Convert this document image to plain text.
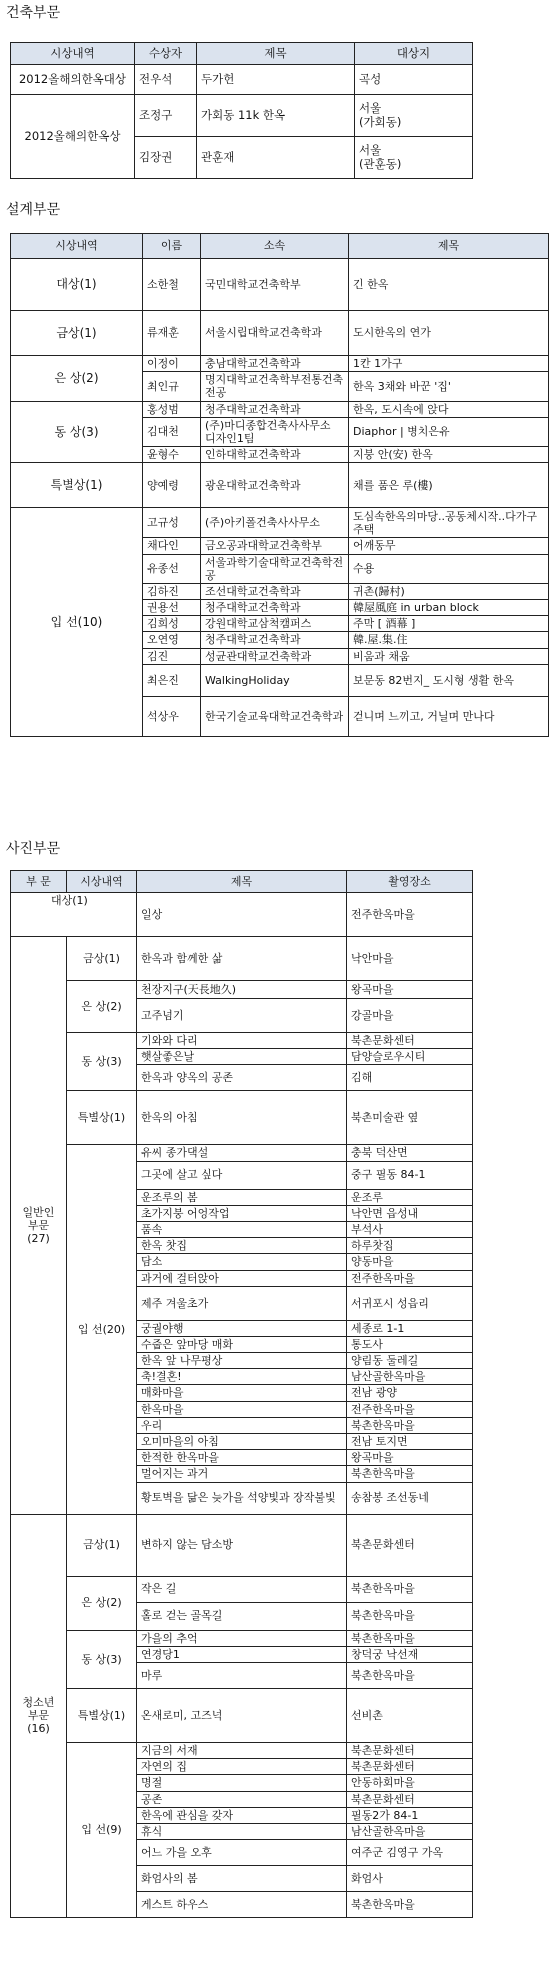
건축부문
시상내역	수상자	제목	대상지
2012올해의한옥대상	전우석	두가헌	곡성
2012올해의한옥상	조정구	가회동 11k 한옥	서울
(가회동)
	김장권	관훈재	서울
(관훈동)
설계부문
시상내역	이름	소속	제목
대상(1)	소한철	국민대학교건축학부	긴 한옥
금상(1)	류재훈	서울시립대학교건축학과	도시한옥의 연가
은 상(2)	이정이	충남대학교건축학과	1칸 1가구
	최인규	명지대학교건축학부전통건축전공	한옥 3채와 바꾼 '집'
동 상(3)	홍성범	청주대학교건축학과	한옥, 도시속에 앉다
	김대천	(주)마디종합건축사사무소 디자인1팀	Diaphor | 병치은유
	윤형수	인하대학교건축학과	지붕 안(安) 한옥
특별상(1)	양예령	광운대학교건축학과	채를 품은 루(樓)
입 선(10)	고규성	(주)아키폴건축사사무소	도심속한옥의마당..공동체시작..다가구주택
	채다인	금오공과대학교건축학부	어깨동무
	유종선	서울과학기술대학교건축학전공	수용
	김하진	조선대학교건축학과	귀촌(歸村)
	권용선	청주대학교건축학과	韓屋風庭 in urban block
	김희성	강원대학교삼척캠퍼스	주막 [ 酒幕 ]
	오연영	청주대학교건축학과	韓.屋.集.住
	김진	성균관대학교건축학과	비움과 채움
	최은진	WalkingHoliday	보문동 82번지_ 도시형 생활 한옥
	석상우	한국기술교육대학교건축학과	걷니며 느끼고, 거닐며 만나다
사진부문
부 문	시상내역	제목	촬영장소
대상(1)		일상	전주한옥마을
일반인
부문
(27)	금상(1)	한옥과 함께한 삶	낙안마을
	은 상(2)	천장지구(天長地久)	왕곡마을
		고주넘기	강골마을
	동 상(3)	기와와 다리	북촌문화센터
		햇살좋은날	담양슬로우시티
		한옥과 양옥의 공존	김해
	특별상(1)	한옥의 아침	북촌미술관 옆
	입 선(20)	유씨 종가댁설	충북 덕산면
		그곳에 살고 싶다	중구 필동 84-1
		운조루의 봄	운조루
		초가지붕 어엉작업	낙안면 읍성내
		품속	부석사
		한옥 찻집	하루찻집
		담소	양동마을
		과거에 걸터앉아	전주한옥마을
		제주 겨울초가	서귀포시 성읍리
		궁궐야행	세종로 1-1
		수줍은 앞마당 매화	통도사
		한옥 앞 나무평상	양림동 둘레길
		축!결혼!	남산골한옥마을
		매화마을	전남 광양
		한옥마을	전주한옥마을
		우리	북촌한옥마을
		오미마을의 아침	전남 토지면
		한적한 한옥마을	왕곡마을
		멀어지는 과거	북촌한옥마을
		황토벽을 닮은 늦가을 석양빛과 장작불빛	송참봉 조선동네
청소년
부문
(16)	금상(1)	변하지 않는 담소방	북촌문화센터
	은 상(2)	작은 길	북촌한옥마을
		홀로 걷는 골목길	북촌한옥마을
	동 상(3)	가을의 추억	북촌한옥마을
		연경당1	창덕궁 낙선재
		마루	북촌한옥마을
	특별상(1)	온새로미, 고즈넉	선비촌
	입 선(9)	지금의 서재	북촌문화센터
		자연의 집	북촌문화센터
		명절	안동하회마을
		공존	북촌문화센터
		한옥에 관심을 갖자	필동2가 84-1
		휴식	남산골한옥마을
		어느 가을 오후	여주군 김영구 가옥
		화엄사의 봄	화엄사
		게스트 하우스	북촌한옥마을
